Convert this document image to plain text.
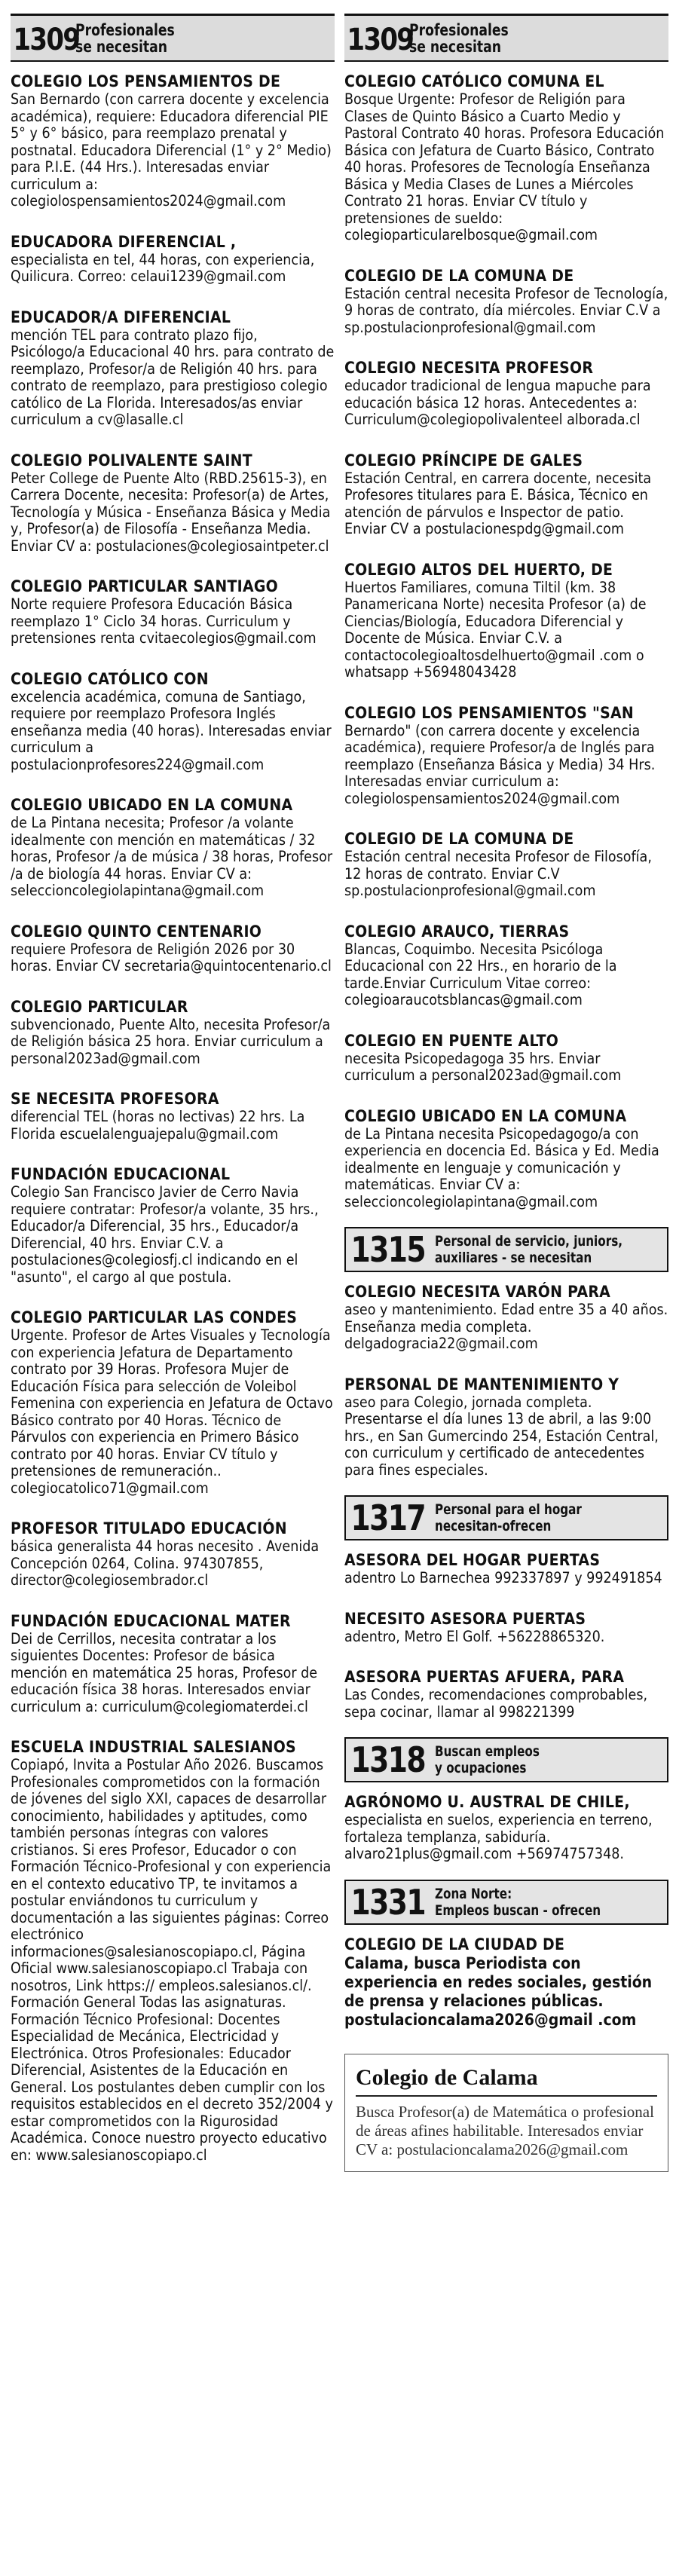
1309
Profesionales
se necesitan
COLEGIO LOS PENSAMIENTOS DE
San Bernardo (con carrera docente y excelencia académica), requiere: Educadora diferencial PIE 5° y 6° básico, para reemplazo prenatal y postnatal. Educadora Diferencial (1° y 2° Medio) para P.I.E. (44 Hrs.). Interesadas enviar curriculum a: colegiolospensamientos2024@gmail.com
EDUCADORA DIFERENCIAL ,
especialista en tel, 44 horas, con experiencia, Quilicura. Correo: celaui1239@gmail.com
EDUCADOR/A DIFERENCIAL
mención TEL para contrato plazo fijo, Psicólogo/a Educacional 40 hrs. para contrato de reemplazo, Profesor/a de Religión 40 hrs. para contrato de reemplazo, para prestigioso colegio católico de La Florida. Interesados/as enviar curriculum a cv@lasalle.cl
COLEGIO POLIVALENTE SAINT
Peter College de Puente Alto (RBD.25615-3), en Carrera Docente, necesita: Profesor(a) de Artes, Tecnología y Música - Enseñanza Básica y Media y, Profesor(a) de Filosofía - Enseñanza Media. Enviar CV a: postulaciones@colegiosaintpeter.cl
COLEGIO PARTICULAR SANTIAGO
Norte requiere Profesora Educación Básica reemplazo 1° Ciclo 34 horas. Curriculum y pretensiones renta cvitaecolegios@gmail.com
COLEGIO CATÓLICO CON
excelencia académica, comuna de Santiago, requiere por reemplazo Profesora Inglés enseñanza media (40 horas). Interesadas enviar curriculum a postulacionprofesores224@gmail.com
COLEGIO UBICADO EN LA COMUNA
de La Pintana necesita; Profesor /a volante idealmente con mención en matemáticas / 32 horas, Profesor /a de música / 38 horas, Profesor /a de biología 44 horas. Enviar CV a: seleccioncolegiolapintana@gmail.com
COLEGIO QUINTO CENTENARIO
requiere Profesora de Religión 2026 por 30 horas. Enviar CV secretaria@quintocentenario.cl
COLEGIO PARTICULAR
subvencionado, Puente Alto, necesita Profesor/a de Religión básica 25 hora. Enviar curriculum a personal2023ad@gmail.com
SE NECESITA PROFESORA
diferencial TEL (horas no lectivas) 22 hrs. La Florida escuelalenguajepalu@gmail.com
FUNDACIÓN EDUCACIONAL
Colegio San Francisco Javier de Cerro Navia requiere contratar: Profesor/a volante, 35 hrs., Educador/a Diferencial, 35 hrs., Educador/a Diferencial, 40 hrs. Enviar C.V. a postulaciones@colegiosfj.cl indicando en el "asunto", el cargo al que postula.
COLEGIO PARTICULAR LAS CONDES
Urgente. Profesor de Artes Visuales y Tecnología con experiencia Jefatura de Departamento contrato por 39 Horas. Profesora Mujer de Educación Física para selección de Voleibol Femenina con experiencia en Jefatura de Octavo Básico contrato por 40 Horas. Técnico de Párvulos con experiencia en Primero Básico contrato por 40 horas. Enviar CV título y pretensiones de remuneración.. colegiocatolico71@gmail.com
PROFESOR TITULADO EDUCACIÓN
básica generalista 44 horas necesito . Avenida Concepción 0264, Colina. 974307855, director@colegiosembrador.cl
FUNDACIÓN EDUCACIONAL MATER
Dei de Cerrillos, necesita contratar a los siguientes Docentes: Profesor de básica mención en matemática 25 horas, Profesor de educación física 38 horas. Interesados enviar curriculum a: curriculum@colegiomaterdei.cl
ESCUELA INDUSTRIAL SALESIANOS
Copiapó, Invita a Postular Año 2026. Buscamos Profesionales comprometidos con la formación de jóvenes del siglo XXI, capaces de desarrollar conocimiento, habilidades y aptitudes, como también personas íntegras con valores cristianos. Si eres Profesor, Educador o con Formación Técnico-Profesional y con experiencia en el contexto educativo TP, te invitamos a postular enviándonos tu curriculum y documentación a las siguientes páginas: Correo electrónico informaciones@salesianoscopiapo.cl, Página Oficial www.salesianoscopiapo.cl Trabaja con nosotros, Link https:// empleos.salesianos.cl/. Formación General Todas las asignaturas. Formación Técnico Profesional: Docentes Especialidad de Mecánica, Electricidad y Electrónica. Otros Profesionales: Educador Diferencial, Asistentes de la Educación en General. Los postulantes deben cumplir con los requisitos establecidos en el decreto 352/2004 y estar comprometidos con la Rigurosidad Académica. Conoce nuestro proyecto educativo en: www.salesianoscopiapo.cl
1309
Profesionales
se necesitan
COLEGIO CATÓLICO COMUNA EL
Bosque Urgente: Profesor de Religión para Clases de Quinto Básico a Cuarto Medio y Pastoral Contrato 40 horas. Profesora Educación Básica con Jefatura de Cuarto Básico, Contrato 40 horas. Profesores de Tecnología Enseñanza Básica y Media Clases de Lunes a Miércoles Contrato 21 horas. Enviar CV título y pretensiones de sueldo: colegioparticularelbosque@gmail.com
COLEGIO DE LA COMUNA DE
Estación central necesita Profesor de Tecnología, 9 horas de contrato, día miércoles. Enviar C.V a sp.postulacionprofesional@gmail.com
COLEGIO NECESITA PROFESOR
educador tradicional de lengua mapuche para educación básica 12 horas. Antecedentes a: Curriculum@colegiopolivalenteel alborada.cl
COLEGIO PRÍNCIPE DE GALES
Estación Central, en carrera docente, necesita Profesores titulares para E. Básica, Técnico en atención de párvulos e Inspector de patio. Enviar CV a postulacionespdg@gmail.com
COLEGIO ALTOS DEL HUERTO, DE
Huertos Familiares, comuna Tiltil (km. 38 Panamericana Norte) necesita Profesor (a) de Ciencias/Biología, Educadora Diferencial y Docente de Música. Enviar C.V. a contactocolegioaltosdelhuerto@gmail .com o whatsapp +56948043428
COLEGIO LOS PENSAMIENTOS "SAN
Bernardo" (con carrera docente y excelencia académica), requiere Profesor/a de Inglés para reemplazo (Enseñanza Básica y Media) 34 Hrs. Interesadas enviar curriculum a: colegiolospensamientos2024@gmail.com
COLEGIO DE LA COMUNA DE
Estación central necesita Profesor de Filosofía, 12 horas de contrato. Enviar C.V sp.postulacionprofesional@gmail.com
COLEGIO ARAUCO, TIERRAS
Blancas, Coquimbo. Necesita Psicóloga Educacional con 22 Hrs., en horario de la tarde.Enviar Curriculum Vitae correo: colegioaraucotsblancas@gmail.com
COLEGIO EN PUENTE ALTO
necesita Psicopedagoga 35 hrs. Enviar curriculum a personal2023ad@gmail.com
COLEGIO UBICADO EN LA COMUNA
de La Pintana necesita Psicopedagogo/a con experiencia en docencia Ed. Básica y Ed. Media idealmente en lenguaje y comunicación y matemáticas. Enviar CV a: seleccioncolegiolapintana@gmail.com
1315 Personal de servicio, juniors,
auxiliares - se necesitan
COLEGIO NECESITA VARÓN PARA
aseo y mantenimiento. Edad entre 35 a 40 años. Enseñanza media completa. delgadograciа22@gmail.com
PERSONAL DE MANTENIMIENTO Y
aseo para Colegio, jornada completa. Presentarse el día lunes 13 de abril, a las 9:00 hrs., en San Gumercindo 254, Estación Central, con curriculum y certificado de antecedentes para fines especiales.
1317 Personal para el hogar
necesitan-ofrecen
ASESORA DEL HOGAR PUERTAS
adentro Lo Barnechea 992337897 y 992491854
NECESITO ASESORA PUERTAS
adentro, Metro El Golf. +56228865320.
ASESORA PUERTAS AFUERA, PARA
Las Condes, recomendaciones comprobables, sepa cocinar, llamar al 998221399
1318 Buscan empleos
y ocupaciones
AGRÓNOMO U. AUSTRAL DE CHILE,
especialista en suelos, experiencia en terreno, fortaleza templanza, sabiduría. alvaro21plus@gmail.com +56974757348.
1331 Zona Norte:
Empleos buscan - ofrecen
COLEGIO DE LA CIUDAD DE
Calama, busca Periodista con experiencia en redes sociales, gestión de prensa y relaciones públicas. postulacioncalama2026@gmail .com
Colegio de Calama
Busca Profesor(a) de Matemática o profesional de áreas afines habilitable. Interesados enviar CV a: postulacioncalama2026@gmail.com
